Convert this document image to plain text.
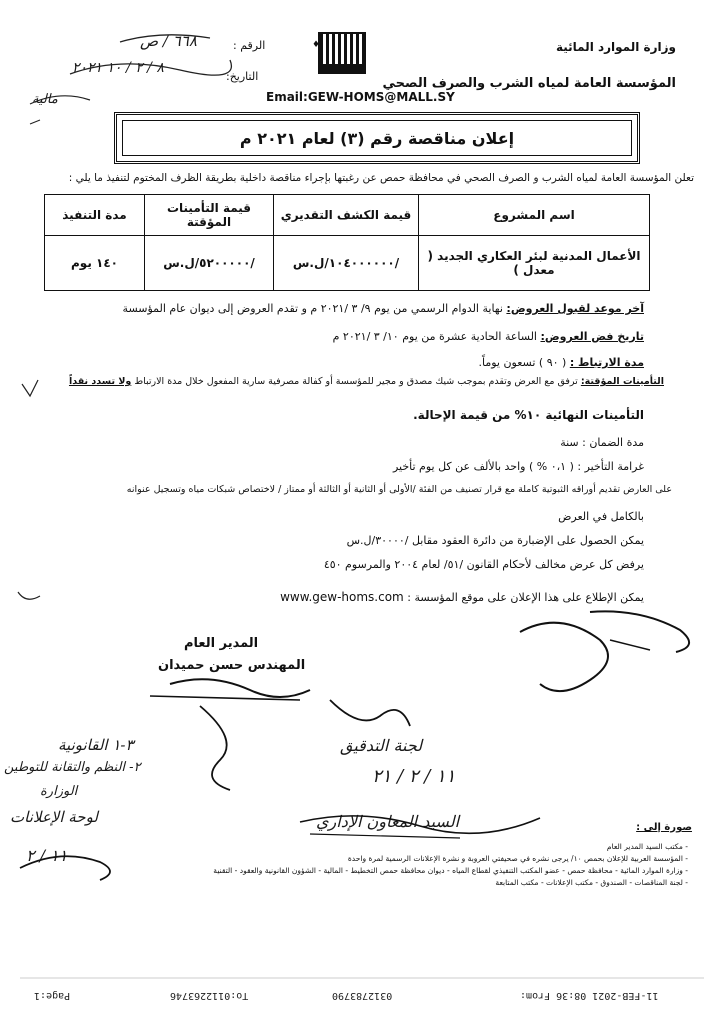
وزارة الموارد المائية
المؤسسة العامة لمياه الشرب والصرف الصحي
♦
الرقم :
٦٦٨ / ص
التاريخ:
٨ / ٢ / ١٠ ٢٠٢١
مالية	Email:GEW-HOMS@MALL.SY
إعلان مناقصة رقم (٣) لعام ٢٠٢١ م
تعلن المؤسسة العامة لمياه الشرب و الصرف الصحي في محافظة حمص عن رغبتها بإجراء مناقصة داخلية بطريقة الظرف المختوم لتنفيذ ما يلي :
اسم المشروع	قيمة الكشف التقديري	قيمة التأمينات المؤقتة	مدة التنفيذ
الأعمال المدنية لبئر العكاري الجديد ( معدل )	/١٠٤٠٠٠٠٠٠/ل.س	/٥٢٠٠٠٠٠/ل.س	١٤٠ يوم
آخر موعد لقبول العروض: نهاية الدوام الرسمي من يوم ٩/ ٣ /٢٠٢١ م و تقدم العروض إلى ديوان عام المؤسسة
تاريخ فض العروض: الساعة الحادية عشرة من يوم ١٠/ ٣ /٢٠٢١ م
مدة الارتباط : ( ٩٠ ) تسعون يوماً.
التأمينات المؤقتة: ترفق مع العرض وتقدم بموجب شيك مصدق و مجير للمؤسسة أو كفالة مصرفية سارية المفعول خلال مدة الارتباط ولا تسدد نقداً
التأمينات النهائية ١٠% من قيمة الإحالة.
مدة الضمان : سنة
غرامة التأخير : ( ٠،١ % ) واحد بالألف عن كل يوم تأخير
على العارض تقديم أوراقه الثبوتية كاملة مع قرار تصنيف من الفئة /الأولى أو الثانية أو الثالثة أو ممتاز / لاختصاص شبكات مياه وتسجيل عنوانه
بالكامل في العرض
يمكن الحصول على الإضبارة من دائرة العقود مقابل /٣٠٠٠٠/ل.س
يرفض كل عرض مخالف لأحكام القانون /٥١/ لعام ٢٠٠٤ والمرسوم ٤٥٠
يمكن الإطلاع على هذا الإعلان على موقع المؤسسة : www.gew-homs.com
المدير العام
المهندس حسن حميدان
٣-١ القانونية
٢- النظم والتقانة للتوطين
الوزارة
لوحة الإعلانات
لجنة التدقيق
١١ / ٢ / ٢١
السيد المعاون الإداري
١١ / ٢
صورة إلى :
- مكتب السيد المدير العام
- المؤسسة العربية للإعلان بحمص ١٠/ يرجى نشره في صحيفتي العروبة و نشرة الإعلانات الرسمية لمرة واحدة
- وزارة الموارد المائية - محافظة حمص - عضو المكتب التنفيذي لقطاع المياه - ديوان محافظة حمص التخطيط - المالية - الشؤون القانونية والعقود - التقنية
- لجنة المناقصات - الصندوق - مكتب الإعلانات - مكتب المتابعة
11-FEB-2021 08:36 From:
0312783790
To:0112263746
Page:1
